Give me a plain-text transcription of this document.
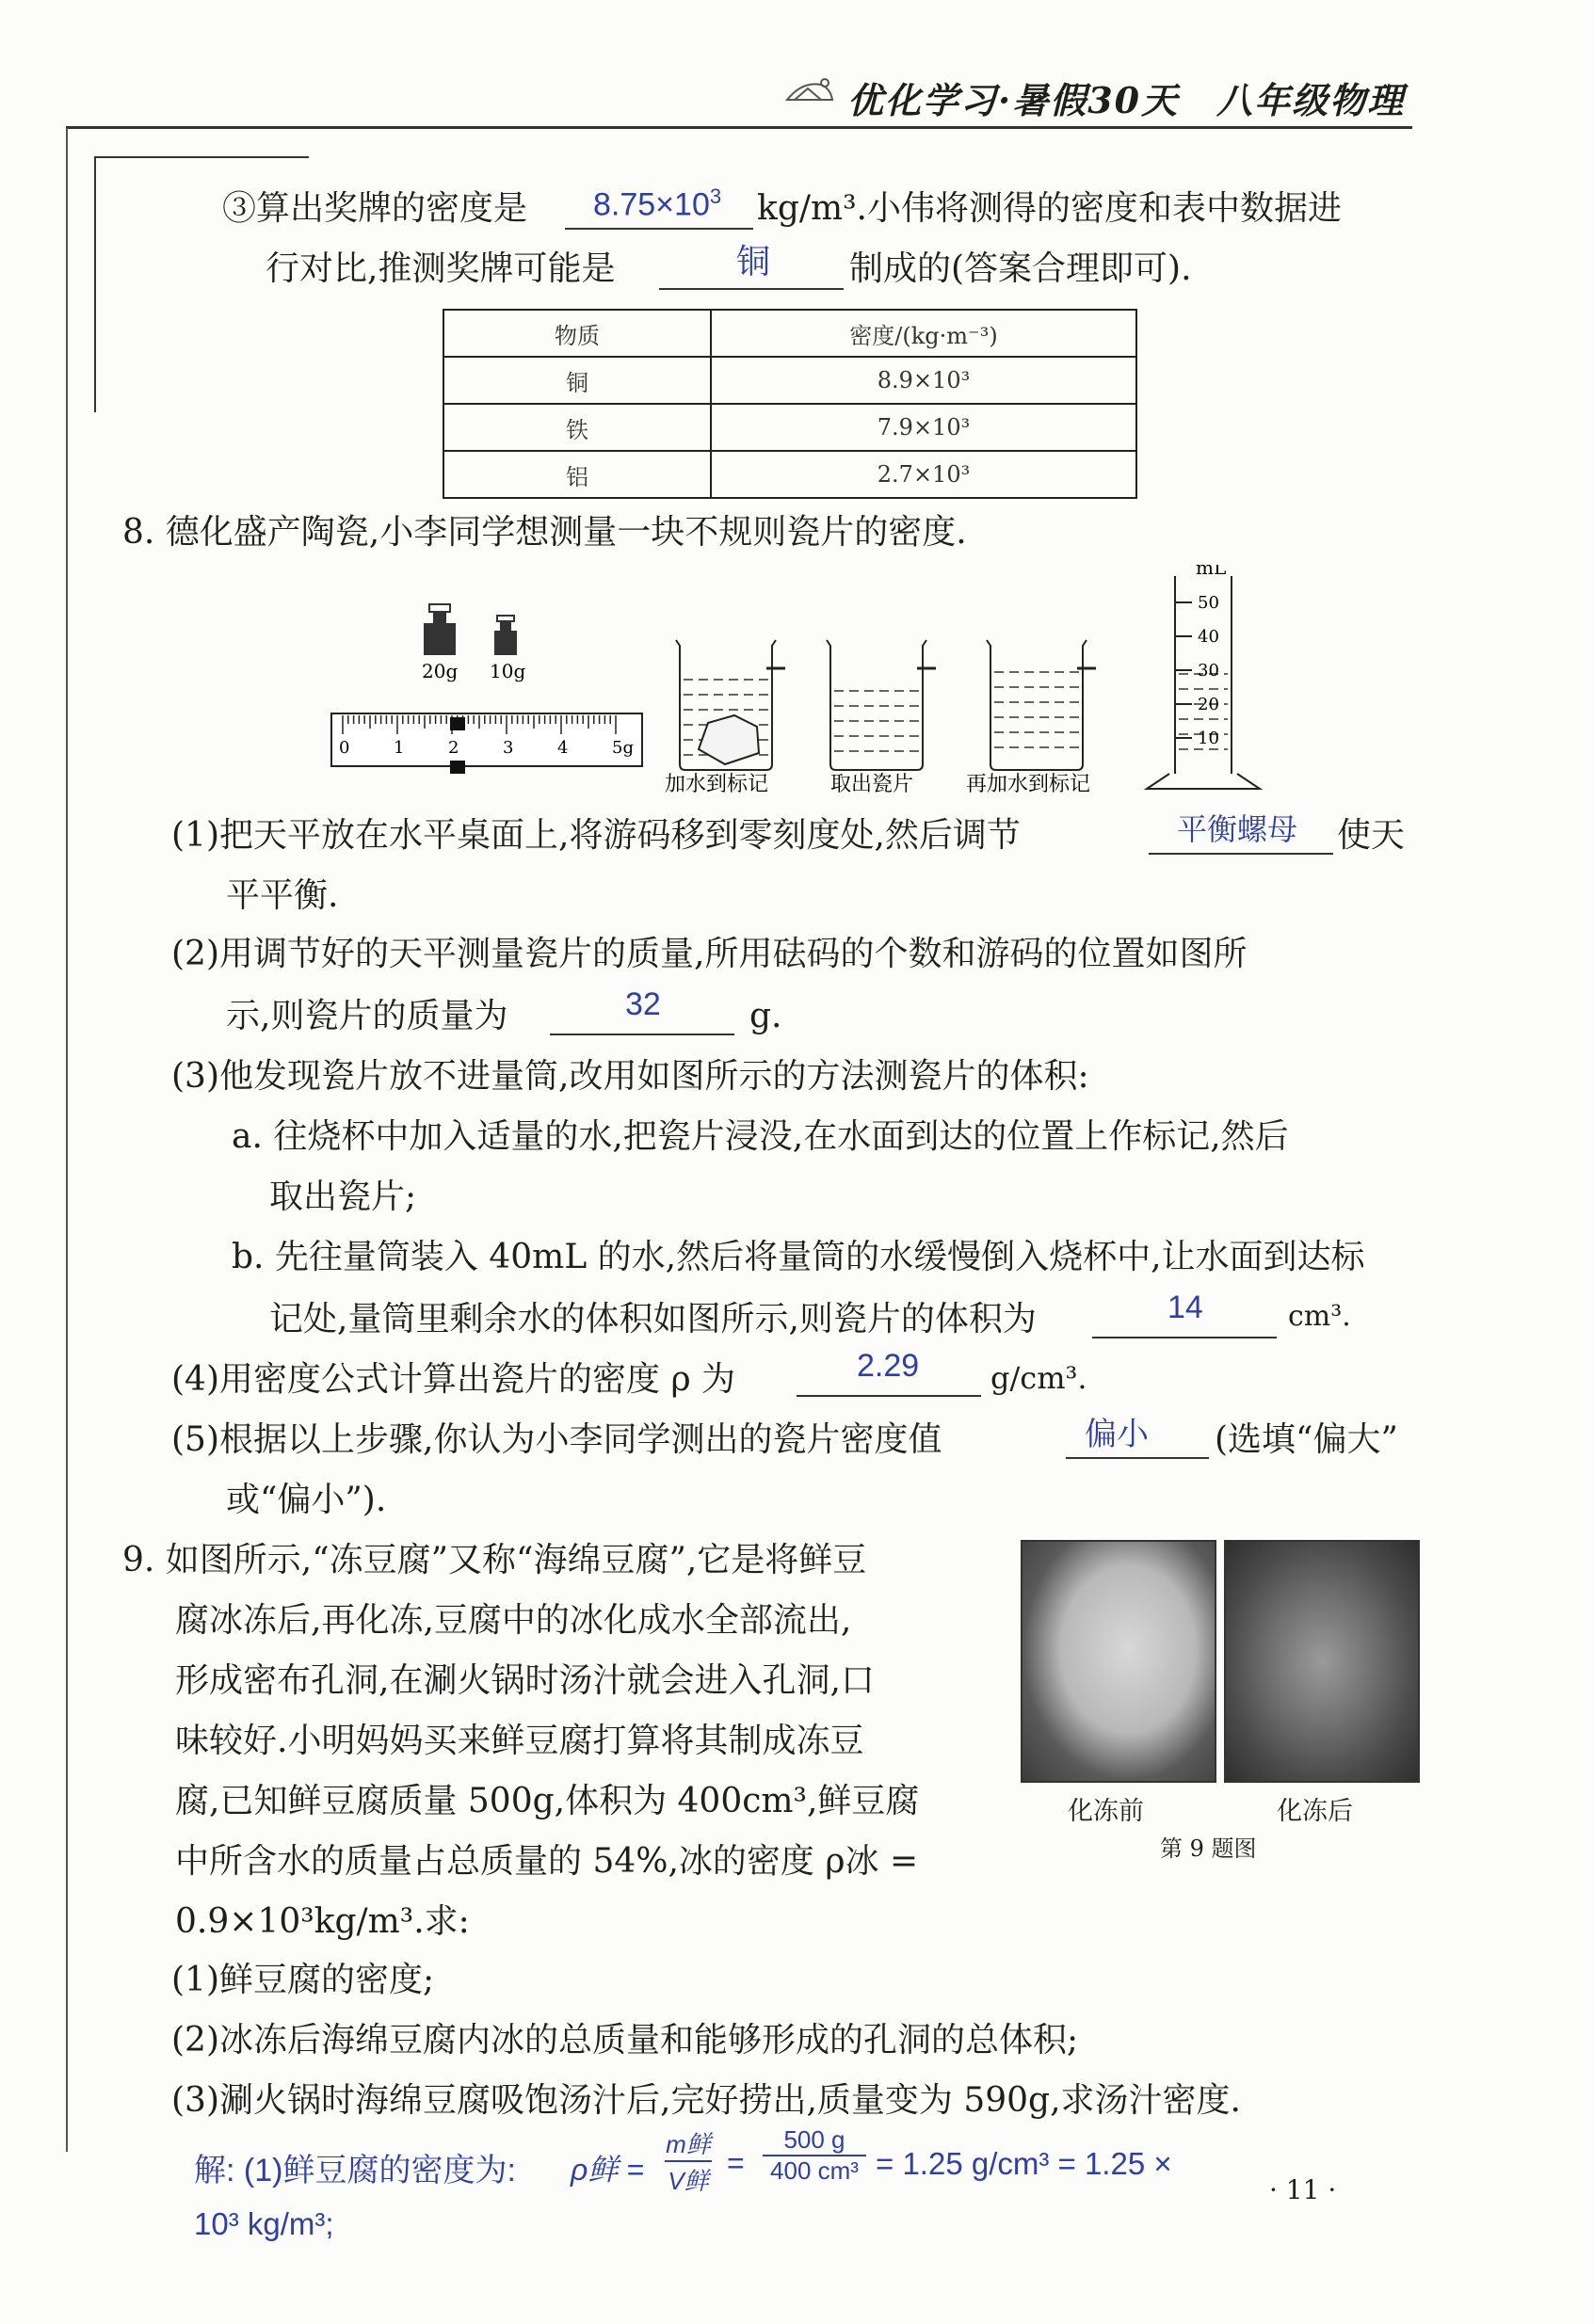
优化学习·暑假30天　八年级物理
③算出奖牌的密度是 $8.75\times 10^3$ kg/m³.小伟将测得的密度和表中数据进
行对比,推测奖牌可能是	铜 制成的(答案合理即可).
物质	密度/(kg·m⁻³)
铜	8.9×10³
铁	7.9×10³
铝	2.7×10³
8. 德化盛产陶瓷,小李同学想测量一块不规则瓷片的密度.
20g 10g
0	1	2	3	4	5g
加水到标记	取出瓷片	再加水到标记
mL
50
40
30
20
10
(1)把天平放在水平桌面上,将游码移到零刻度处,然后调节	平衡螺母 使天
平平衡.
(2)用调节好的天平测量瓷片的质量,所用砝码的个数和游码的位置如图所
示,则瓷片的质量为	32	g.
(3)他发现瓷片放不进量筒,改用如图所示的方法测瓷片的体积:
a. 往烧杯中加入适量的水,把瓷片浸没,在水面到达的位置上作标记,然后
取出瓷片;
b. 先往量筒装入 40mL 的水,然后将量筒的水缓慢倒入烧杯中,让水面到达标
记处,量筒里剩余水的体积如图所示,则瓷片的体积为	14	cm³.
(4)用密度公式计算出瓷片的密度 ρ 为	2.29 g/cm³.
(5)根据以上步骤,你认为小李同学测出的瓷片密度值	偏小 (选填“偏大”
或“偏小”).
9. 如图所示,“冻豆腐”又称“海绵豆腐”,它是将鲜豆
腐冰冻后,再化冻,豆腐中的冰化成水全部流出,
形成密布孔洞,在涮火锅时汤汁就会进入孔洞,口
味较好.小明妈妈买来鲜豆腐打算将其制成冻豆
腐,已知鲜豆腐质量 500g,体积为 400cm³,鲜豆腐
中所含水的质量占总质量的 54%,冰的密度 ρ冰 =
0.9×10³kg/m³.求:
化冻前	化冻后
第 9 题图
(1)鲜豆腐的密度;
(2)冰冻后海绵豆腐内冰的总质量和能够形成的孔洞的总体积;
(3)涮火锅时海绵豆腐吸饱汤汁后,完好捞出,质量变为 590g,求汤汁密度.
解: (1)鲜豆腐的密度为: ρ鲜 =
m鲜
V鲜
= $\frac{500 g}{\text{400 cm³}} = 1.25$ g/cm³ = 1.25 ×
10³ kg/m³;
· 11 ·
